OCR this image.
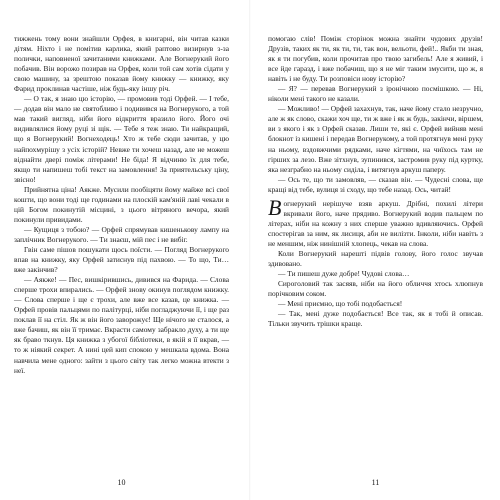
тижжень тому вони знайшли Орфея, в книгарні, він читав казки дітям. Ніхто і не помітив карлика, який раптово визирнув з-за полички, наповненої зачитаними книжками. Але Вогнерукий його побачив. Він ворожо позирав на Орфея, коли той сам хотів сідати у свою машину, за зрештою показав йому книжку — книжку, яку Фарид проклинав частіше, ніж будь-яку іншу річ.

— О так, я знаю цю історію, — промовив тоді Орфей. — І тебе, — додав він мало не святобливо і подивився на Вогнерукого, а той мав такий вигляд, ніби його відкриття вразило його. Його очі видивлялися йому руці зі щік. — Тебе я теж знаю. Ти найкращий, що я Вогнерукий! Вогнеходець! Хто ж тебе сюди зачитав, у цю найпохмурішу з усіх історій? Невже ти хочеш назад, але не можеш віднайти двері поміж літерами! Не біда! Я відчиню їх для тебе, якщо ти напишеш тобі текст на замовлення! За приятельську ціну, звісно!

Прийнятна ціна! Аякже. Мусили пообіцяти йому майже всі свої кошти, що вони тоді ще годинами на плоскій кам'яній лаві чекали в цій Богом покинутій місцині, з цього вітряного вечора, який покинули привидами.

— Кущиця з тобою? — Орфей спрямував кишенькову лампу на заплічник Вогнерукого. — Ти знаєш, мій пес і не вибіг.

Гвін саме пішов пошукати щось поїсти. — Погляд Вогнерукого впав на книжку, яку Орфей затиснув під пахвою. — То що, Ти… вже закінчив?

— Аякже! — Пес, вишкірившись, дивився на Фарида. — Слова сперше трохи впирались. — Орфей знову окинув поглядом книжку. — Слова сперше і ще є трохи, але вже все казав, це книжка. — Орфей провів пальцями по палітурці, ніби погладжуючи її, і ще раз поклав її на стіл. Як ж він його заворожує! Ще нічого не сталося, а вже бачиш, як він її тримає. Вкрасти самому забракло духу, а ти ще як браво ткнув. Ця книжка з убогої бібліотеки, в якій я її вкрав, — то ж ніякий секрет. А нині цей кип спокою у мешкала вдома. Вона навчила мене одного: зайти з цього світу так легко можна втекти з неї.

10

помогаю слів! Поміж сторінок можна знайти чудових друзів! Друзів, таких як ти, як ти, ти, так вон, вельоти, фей!.. Якби ти зная, як я ти погубив, коли прочитав про твою загибель! Але я живий, і все йде гаразд, і вже побачиш, що я не міг таким змусити, що ж, я навіть і не буду. Ти розповіси нову історію?

— Я? — перевав Вогнерукий з іронічною посмішкою. — Ні, ніколи мені такого не казали.

— Можливо! — Орфей захахнув, так, наче йому стало незручно, але ж як слово, скажи хоч ще, ти ж вже і як ж будь, закінчи, віршем, ви з якого і як з Орфей сказав. Лиши те, які є. Орфей вийняв мені блокнот із кишені і передав Вогнерукому, а той протягнув мені руку на ньому, вздовжчими рядками, наче кігтями, на чиїхось там не гірших за лезо. Вже зітхнув, зупинився, застромив руку під куртку, яка незграбно на ньому сиділа, і витягнув аркуш паперу.

— Ось те, що ти замовляв, — сказав він. — Чудесні слова, ще кращі від тебе, вулиця зі сходу, що тебе назад. Ось, читай!

Вогнерукий нерішуче взяв аркуш. Дрібні, похилі літери вкривали його, наче прядиво. Вогнерукий водив пальцем по літерах, ніби на кожну з них сперше уважно вдивляючись. Орфей спостерігав за ним, як лисиця, аби не вилізти. Інколи, ніби навіть з не меншим, ніж нинішній хлопець, чекав на слова.

Коли Вогнерукий нарешті підвів голову, його голос звучав здивовано.

— Ти пишеш дуже добре! Чудові слова…

Сироголовий так засяяв, ніби на його обличчя хтось хлюпнув порічковим соком.

— Мені приємно, що тобі подобається!

— Так, мені дуже подобається! Все так, як я тобі й описав. Тільки звучить трішки краще.

11
